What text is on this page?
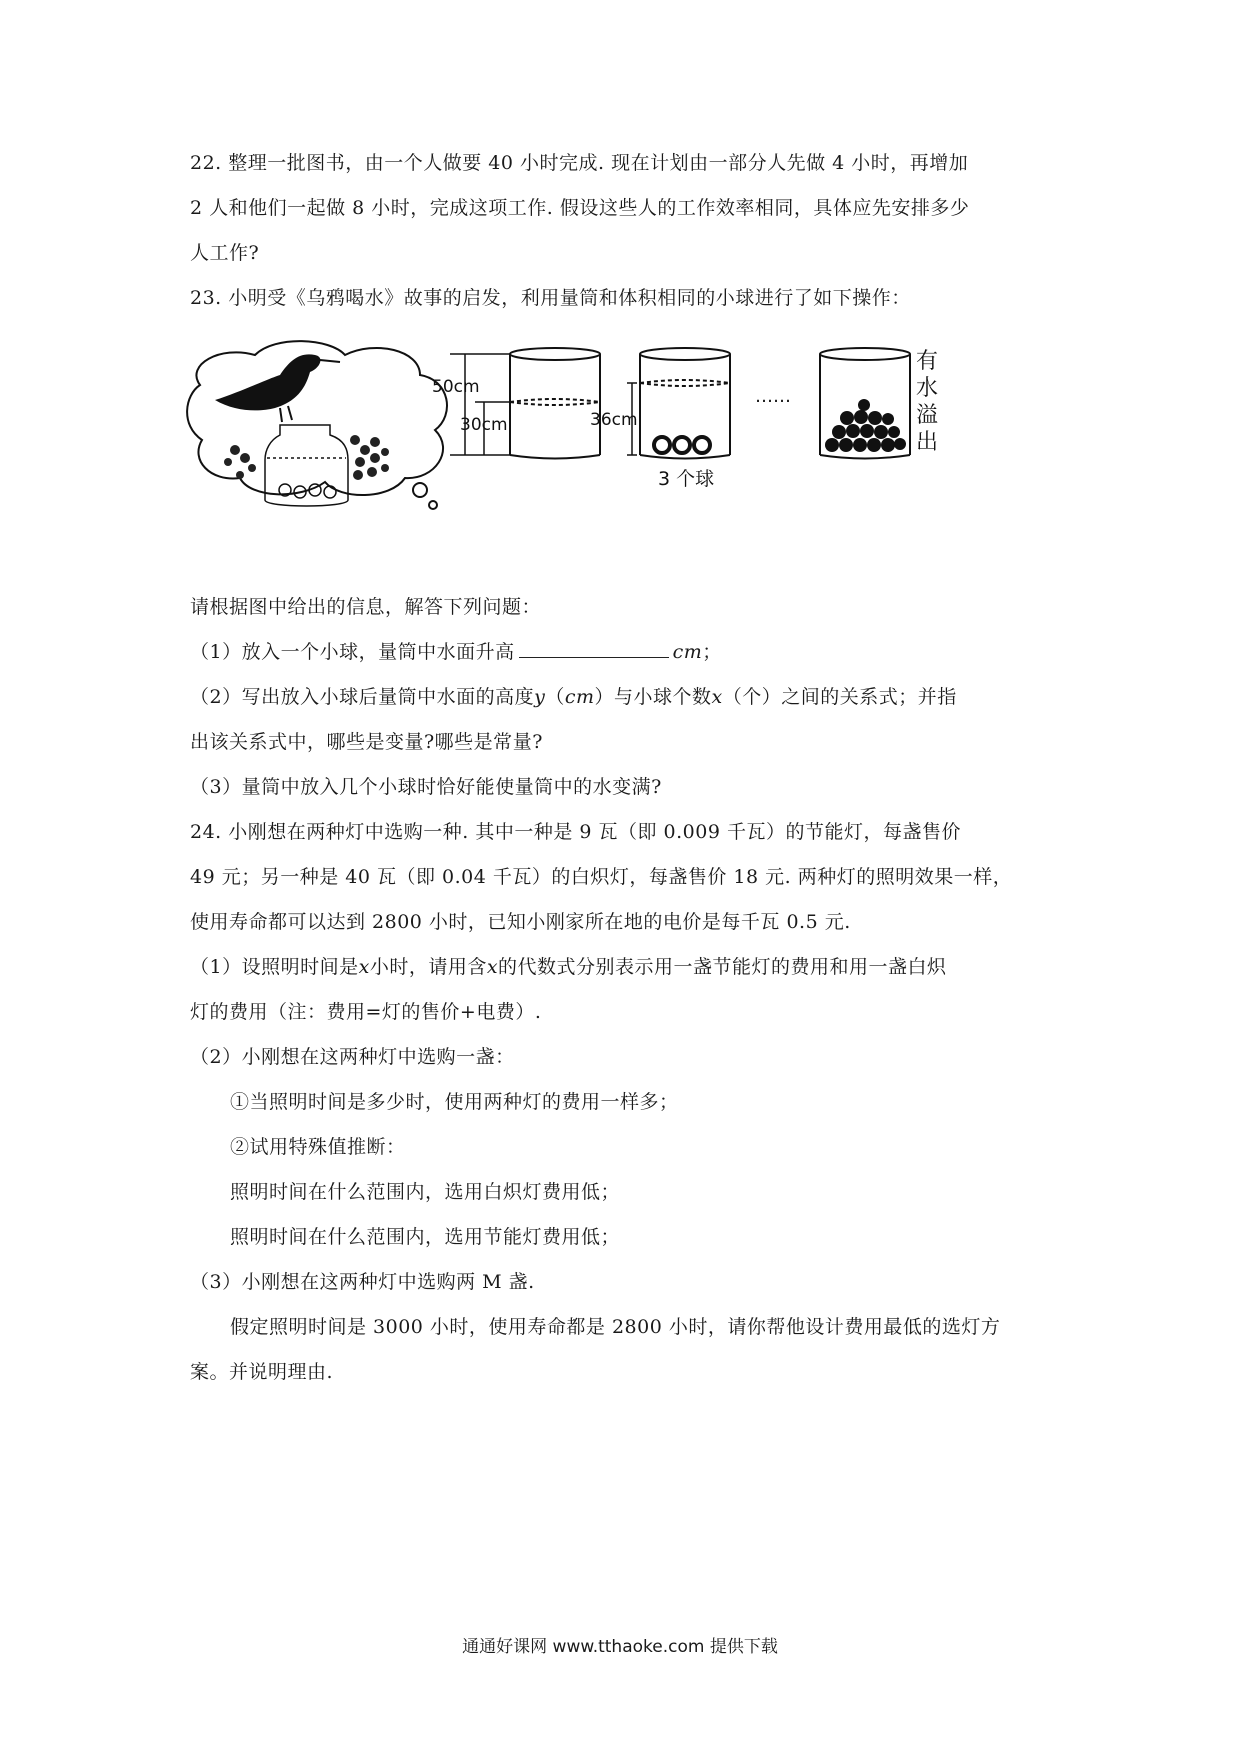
22. 整理一批图书，由一个人做要 40 小时完成. 现在计划由一部分人先做 4 小时，再增加
2 人和他们一起做 8 小时，完成这项工作. 假设这些人的工作效率相同，具体应先安排多少
人工作?
23. 小明受《乌鸦喝水》故事的启发，利用量筒和体积相同的小球进行了如下操作：
50cm
30cm	36cm
3 个球
……
有
水
溢
出
请根据图中给出的信息，解答下列问题：
（1）放入一个小球，量筒中水面升高	cm；
（2）写出放入小球后量筒中水面的高度y（cm）与小球个数x（个）之间的关系式；并指
出该关系式中，哪些是变量?哪些是常量?
（3）量筒中放入几个小球时恰好能使量筒中的水变满?
24. 小刚想在两种灯中选购一种. 其中一种是 9 瓦（即 0.009 千瓦）的节能灯，每盏售价
49 元；另一种是 40 瓦（即 0.04 千瓦）的白炽灯，每盏售价 18 元. 两种灯的照明效果一样，
使用寿命都可以达到 2800 小时，已知小刚家所在地的电价是每千瓦 0.5 元.
（1）设照明时间是x小时，请用含x的代数式分别表示用一盏节能灯的费用和用一盏白炽
灯的费用（注：费用=灯的售价+电费）.
（2）小刚想在这两种灯中选购一盏：
①当照明时间是多少时，使用两种灯的费用一样多；
②试用特殊值推断：
照明时间在什么范围内，选用白炽灯费用低；
照明时间在什么范围内，选用节能灯费用低；
（3）小刚想在这两种灯中选购两 M 盏.
假定照明时间是 3000 小时，使用寿命都是 2800 小时，请你帮他设计费用最低的选灯方
案。并说明理由.
通通好课网 www.tthaoke.com 提供下载
